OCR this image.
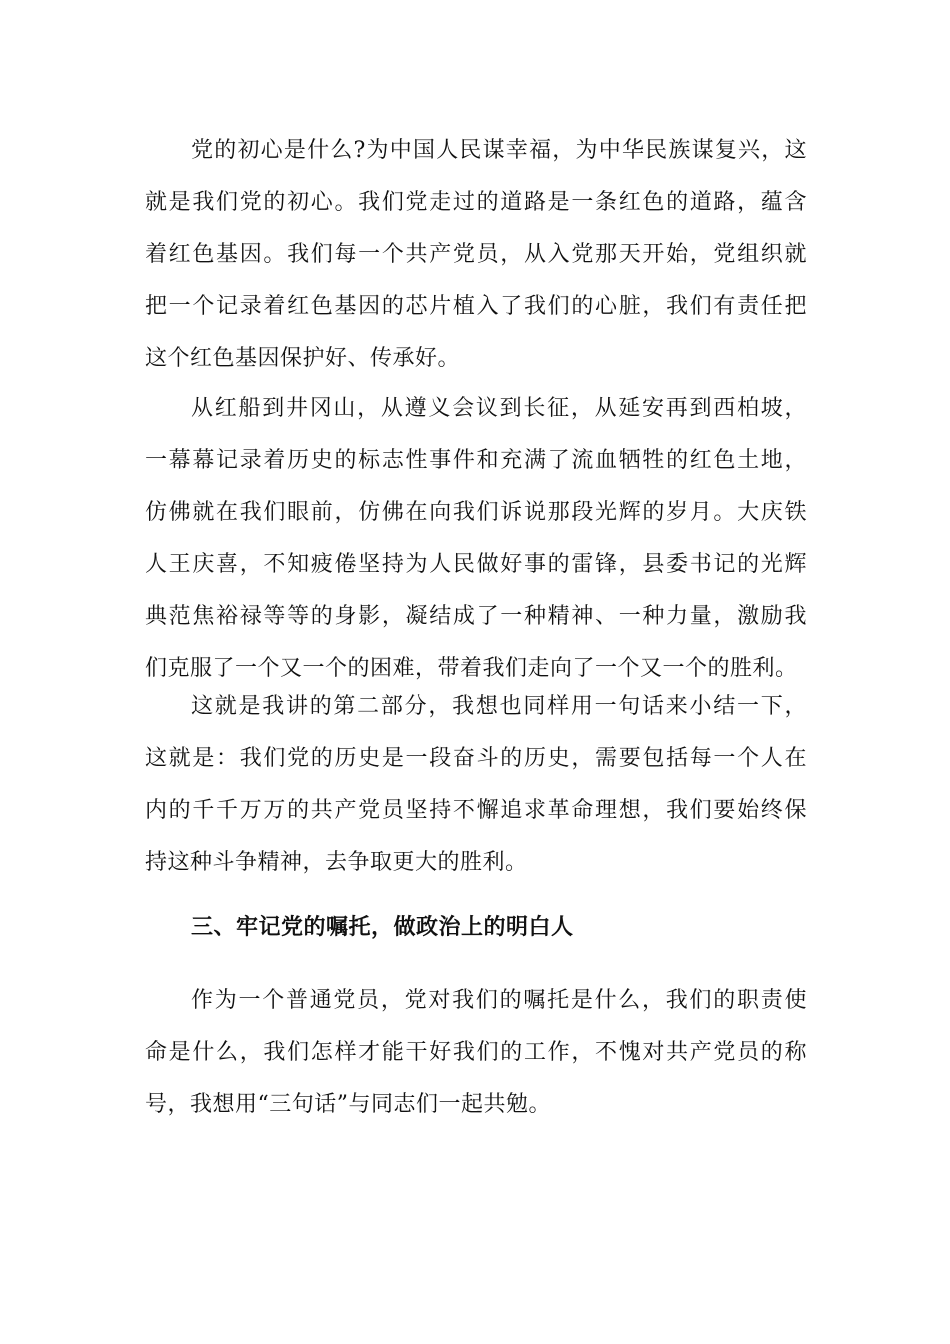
党的初心是什么?为中国人民谋幸福，为中华民族谋复兴，这
就是我们党的初心。我们党走过的道路是一条红色的道路，蕴含
着红色基因。我们每一个共产党员，从入党那天开始，党组织就
把一个记录着红色基因的芯片植入了我们的心脏，我们有责任把
这个红色基因保护好、传承好。
从红船到井冈山，从遵义会议到长征，从延安再到西柏坡，
一幕幕记录着历史的标志性事件和充满了流血牺牲的红色土地，
仿佛就在我们眼前，仿佛在向我们诉说那段光辉的岁月。大庆铁
人王庆喜，不知疲倦坚持为人民做好事的雷锋，县委书记的光辉
典范焦裕禄等等的身影，凝结成了一种精神、一种力量，激励我
们克服了一个又一个的困难，带着我们走向了一个又一个的胜利。
这就是我讲的第二部分，我想也同样用一句话来小结一下，
这就是：我们党的历史是一段奋斗的历史，需要包括每一个人在
内的千千万万的共产党员坚持不懈追求革命理想，我们要始终保
持这种斗争精神，去争取更大的胜利。
三、牢记党的嘱托，做政治上的明白人
作为一个普通党员，党对我们的嘱托是什么，我们的职责使
命是什么，我们怎样才能干好我们的工作，不愧对共产党员的称
号，我想用“三句话”与同志们一起共勉。
